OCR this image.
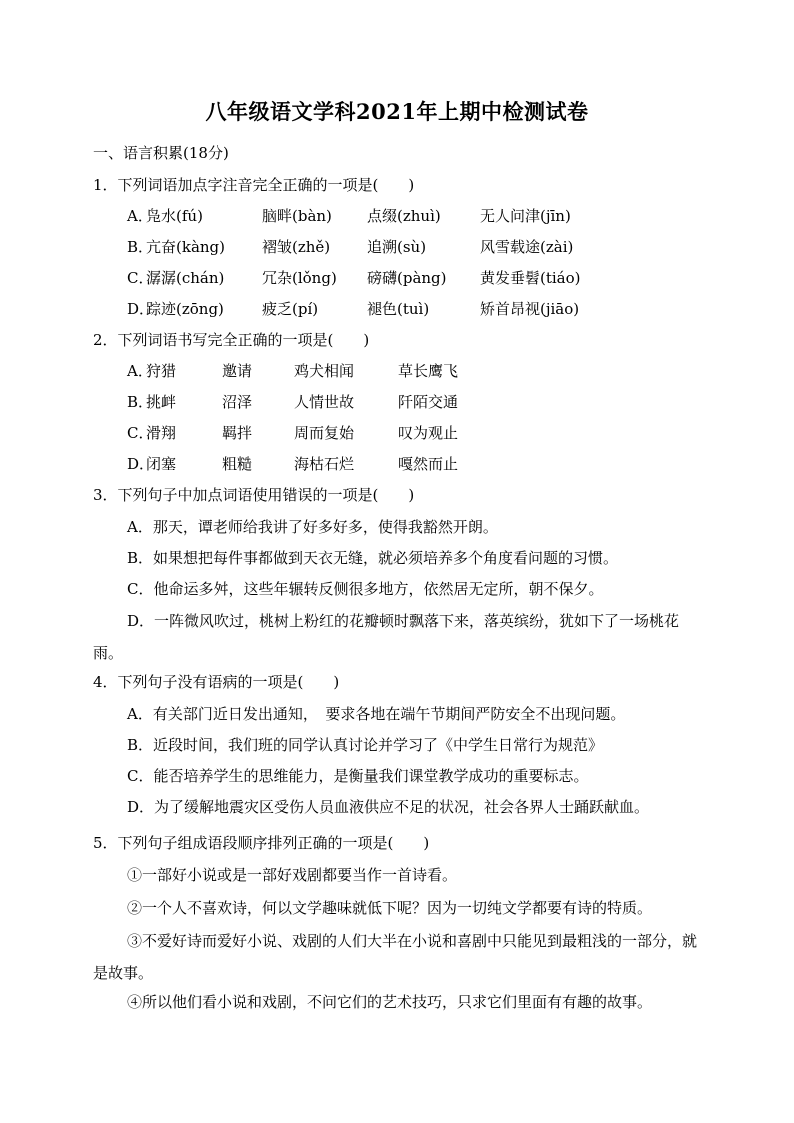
八年级语文学科2021年上期中检测试卷
一、语言积累(18分)
1．下列词语加点字注音完全正确的一项是(　　)
A．
凫水(fú)	脑畔(bàn) 点缀(zhuì)	无人问津(jīn)
B．
亢奋(kàng) 褶皱(zhě) 追溯(sù)	风雪载途(zài)
C．
潺潺(chán)	冗杂(lǒng) 磅礴(pàng) 黄发垂髫(tiáo)
D．
踪迹(zōng)	疲乏(pí)	褪色(tuì)	矫首昂视(jiāo)
2．下列词语书写完全正确的一项是(　　)
A．
狩猎	邀请	鸡犬相闻	草长鹰飞
B．
挑衅	沼泽	人情世故	阡陌交通
C．
滑翔	羁拌	周而复始	叹为观止
D．
闭塞	粗糙	海枯石烂	嘎然而止
3．下列句子中加点词语使用错误的一项是(　　)
A．那天，谭老师给我讲了好多好多，使得我豁然开朗。
B．如果想把每件事都做到天衣无缝，就必须培养多个角度看问题的习惯。
C．他命运多舛，这些年辗转反侧很多地方，依然居无定所，朝不保夕。
D．一阵微风吹过，桃树上粉红的花瓣顿时飘落下来，落英缤纷，犹如下了一场桃花雨。
4．下列句子没有语病的一项是(　　)
A．有关部门近日发出通知，　要求各地在端午节期间严防安全不出现问题。
B．近段时间，我们班的同学认真讨论并学习了《中学生日常行为规范》
C．能否培养学生的思维能力，是衡量我们课堂教学成功的重要标志。
D．为了缓解地震灾区受伤人员血液供应不足的状况，社会各界人士踊跃献血。
5．下列句子组成语段顺序排列正确的一项是(　　)
①一部好小说或是一部好戏剧都要当作一首诗看。
②一个人不喜欢诗，何以文学趣味就低下呢？因为一切纯文学都要有诗的特质。
③不爱好诗而爱好小说、戏剧的人们大半在小说和喜剧中只能见到最粗浅的一部分，就是故事。
④所以他们看小说和戏剧，不问它们的艺术技巧，只求它们里面有有趣的故事。
